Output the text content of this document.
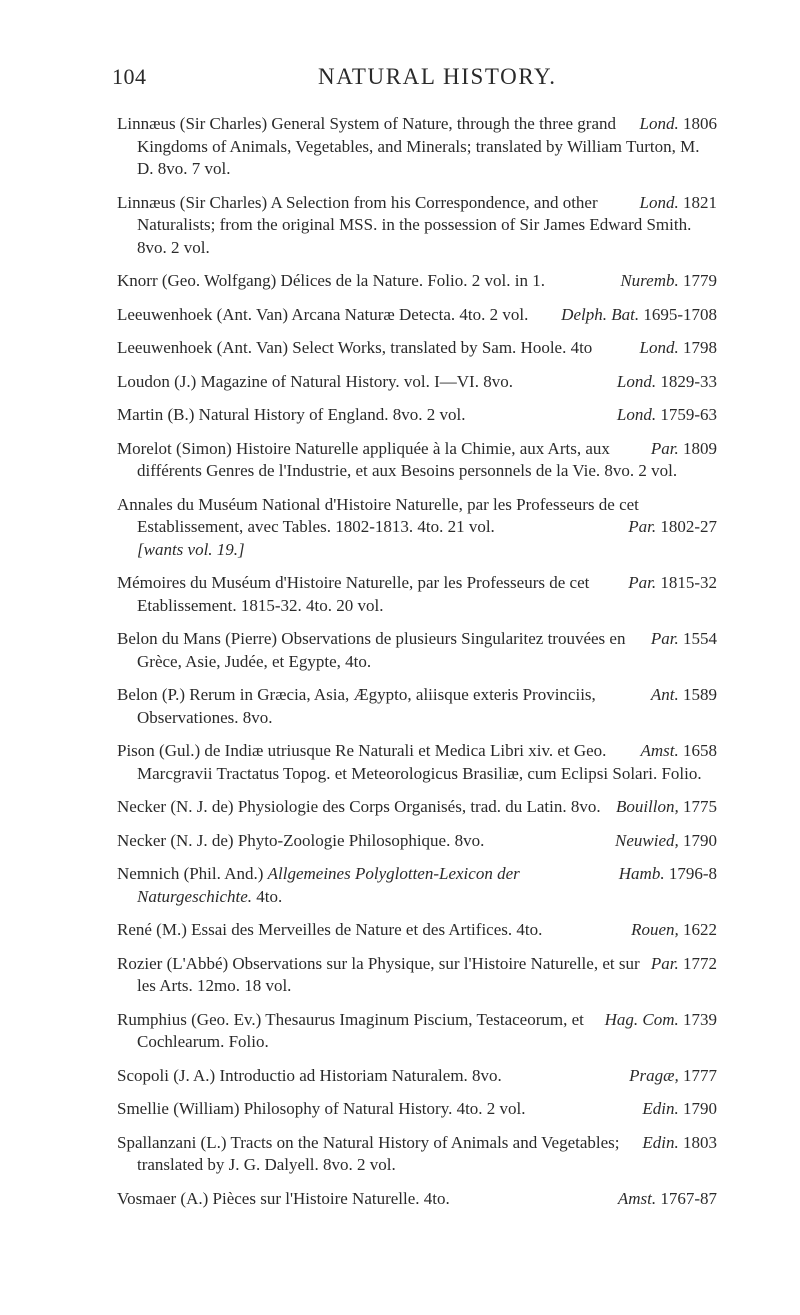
104	NATURAL HISTORY.

Lond. 1806
Linnæus (Sir Charles) General System of Nature, through the three grand Kingdoms of Animals, Vegetables, and Minerals; translated by William Turton, M. D. 8vo. 7 vol.

Lond. 1821
Linnæus (Sir Charles) A Selection from his Correspondence, and other Naturalists; from the original MSS. in the possession of Sir James Edward Smith. 8vo. 2 vol.

Nuremb. 1779
Knorr (Geo. Wolfgang) Délices de la Nature. Folio. 2 vol. in 1.

Delph. Bat. 1695-1708
Leeuwenhoek (Ant. Van) Arcana Naturæ Detecta. 4to. 2 vol.

Lond. 1798
Leeuwenhoek (Ant. Van) Select Works, translated by Sam. Hoole. 4to

Lond. 1829-33
Loudon (J.) Magazine of Natural History. vol. I—VI. 8vo.

Lond. 1759-63
Martin (B.) Natural History of England. 8vo. 2 vol.

Par. 1809
Morelot (Simon) Histoire Naturelle appliquée à la Chimie, aux Arts, aux différents Genres de l'Industrie, et aux Besoins personnels de la Vie. 8vo. 2 vol.

Annales du Muséum National d'Histoire Naturelle, par les Professeurs de cet Establissement, avec Tables. 1802-1813. 4to. 21 vol.	Par. 1802-27

[wants vol. 19.]

Par. 1815-32
Mémoires du Muséum d'Histoire Naturelle, par les Professeurs de cet Etablissement. 1815-32. 4to. 20 vol.

Par. 1554
Belon du Mans (Pierre) Observations de plusieurs Singularitez trouvées en Grèce, Asie, Judée, et Egypte, 4to.

Ant. 1589
Belon (P.) Rerum in Græcia, Asia, Ægypto, aliisque exteris Provinciis, Observationes. 8vo.

Amst. 1658
Pison (Gul.) de Indiæ utriusque Re Naturali et Medica Libri xiv. et Geo. Marcgravii Tractatus Topog. et Meteorologicus Brasiliæ, cum Eclipsi Solari. Folio.

Bouillon, 1775
Necker (N. J. de) Physiologie des Corps Organisés, trad. du Latin. 8vo.

Neuwied, 1790
Necker (N. J. de) Phyto-Zoologie Philosophique. 8vo.

Hamb. 1796-8
Nemnich (Phil. And.) Allgemeines Polyglotten-Lexicon der Naturgeschichte. 4to.

Rouen, 1622
René (M.) Essai des Merveilles de Nature et des Artifices. 4to.

Par. 1772
Rozier (L'Abbé) Observations sur la Physique, sur l'Histoire Naturelle, et sur les Arts. 12mo. 18 vol.

Hag. Com. 1739
Rumphius (Geo. Ev.) Thesaurus Imaginum Piscium, Testaceorum, et Cochlearum. Folio.

Pragæ, 1777
Scopoli (J. A.) Introductio ad Historiam Naturalem. 8vo.

Edin. 1790
Smellie (William) Philosophy of Natural History. 4to. 2 vol.

Edin. 1803
Spallanzani (L.) Tracts on the Natural History of Animals and Vegetables; translated by J. G. Dalyell. 8vo. 2 vol.

Amst. 1767-87
Vosmaer (A.) Pièces sur l'Histoire Naturelle. 4to.
